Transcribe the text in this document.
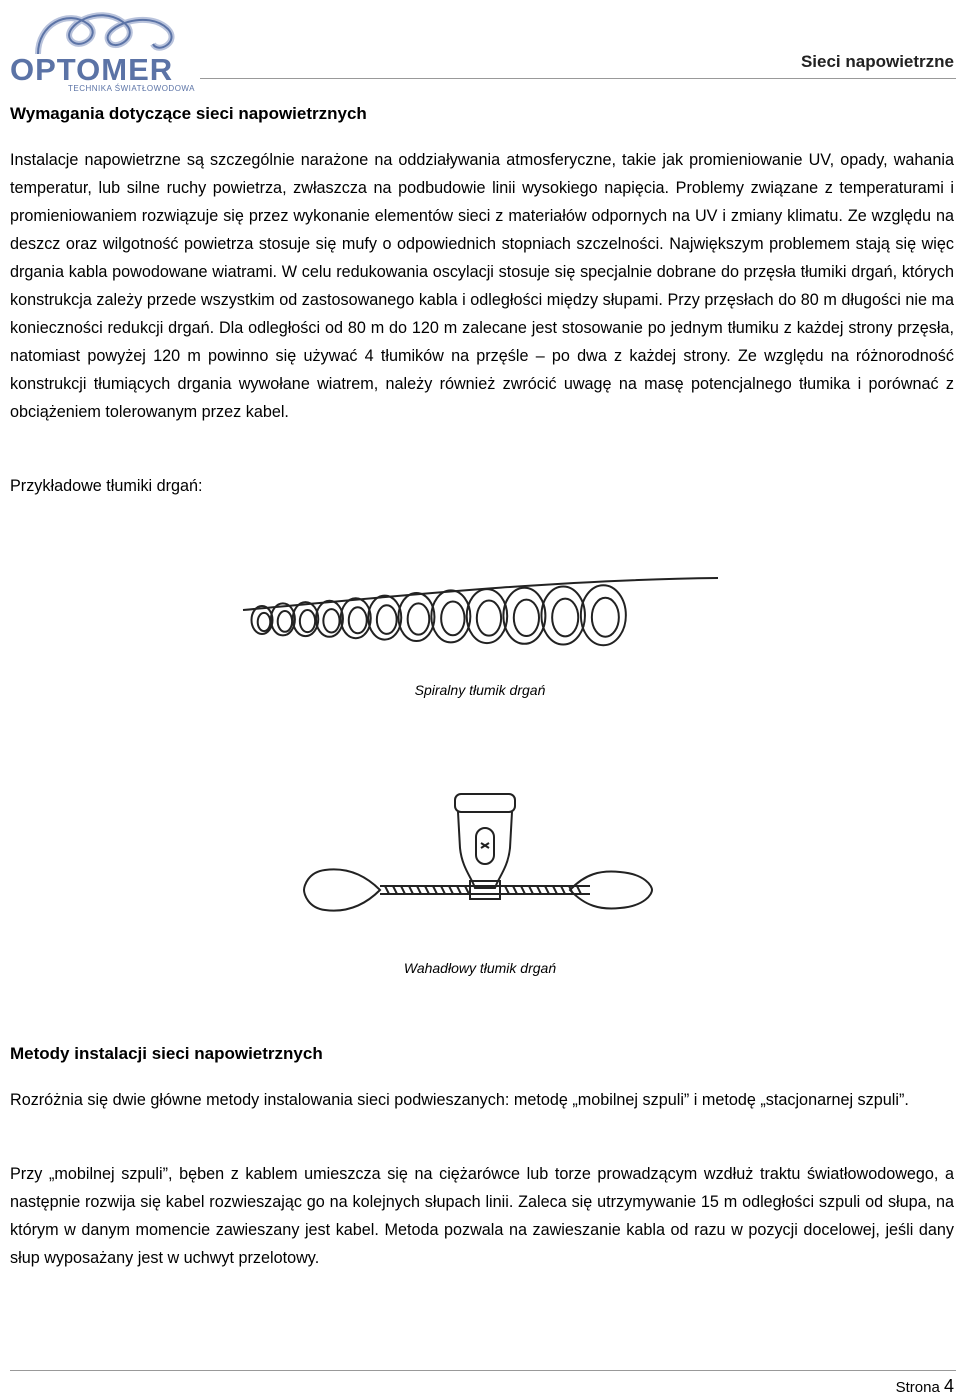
OPTOMER
TECHNIKA ŚWIATŁOWODOWA
Sieci napowietrzne
Wymagania dotyczące sieci napowietrznych
Instalacje napowietrzne są szczególnie narażone na oddziaływania atmosferyczne, takie jak promieniowanie UV, opady, wahania temperatur, lub silne ruchy powietrza, zwłaszcza na podbudowie linii wysokiego napięcia. Problemy związane z temperaturami i promieniowaniem rozwiązuje się przez wykonanie elementów sieci z materiałów odpornych na UV i zmiany klimatu. Ze względu na deszcz oraz wilgotność powietrza stosuje się mufy o odpowiednich stopniach szczelności. Największym problemem stają się więc drgania kabla powodowane wiatrami. W celu redukowania oscylacji stosuje się specjalnie dobrane do przęsła tłumiki drgań, których konstrukcja zależy przede wszystkim od zastosowanego kabla i odległości między słupami. Przy przęsłach do 80 m długości nie ma konieczności redukcji drgań. Dla odległości od 80 m do 120 m zalecane jest stosowanie po jednym tłumiku z każdej strony przęsła, natomiast powyżej 120 m powinno się używać 4 tłumików na przęśle – po dwa z każdej strony. Ze względu na różnorodność konstrukcji tłumiących drgania wywołane wiatrem, należy również zwrócić uwagę na masę potencjalnego tłumika i porównać z obciążeniem tolerowanym przez kabel.
Przykładowe tłumiki drgań:
Spiralny tłumik drgań
Wahadłowy tłumik drgań
Metody instalacji sieci napowietrznych
Rozróżnia się dwie główne metody instalowania sieci podwieszanych: metodę „mobilnej szpuli” i metodę „stacjonarnej szpuli”.
Przy „mobilnej szpuli”, bęben z kablem umieszcza się na ciężarówce lub torze prowadzącym wzdłuż traktu światłowodowego, a następnie rozwija się kabel rozwieszając go na kolejnych słupach linii. Zaleca się utrzymywanie 15 m odległości szpuli od słupa, na którym w danym momencie zawieszany jest kabel. Metoda pozwala na zawieszanie kabla od razu w pozycji docelowej, jeśli dany słup wyposażany jest w uchwyt przelotowy.
Strona 4
